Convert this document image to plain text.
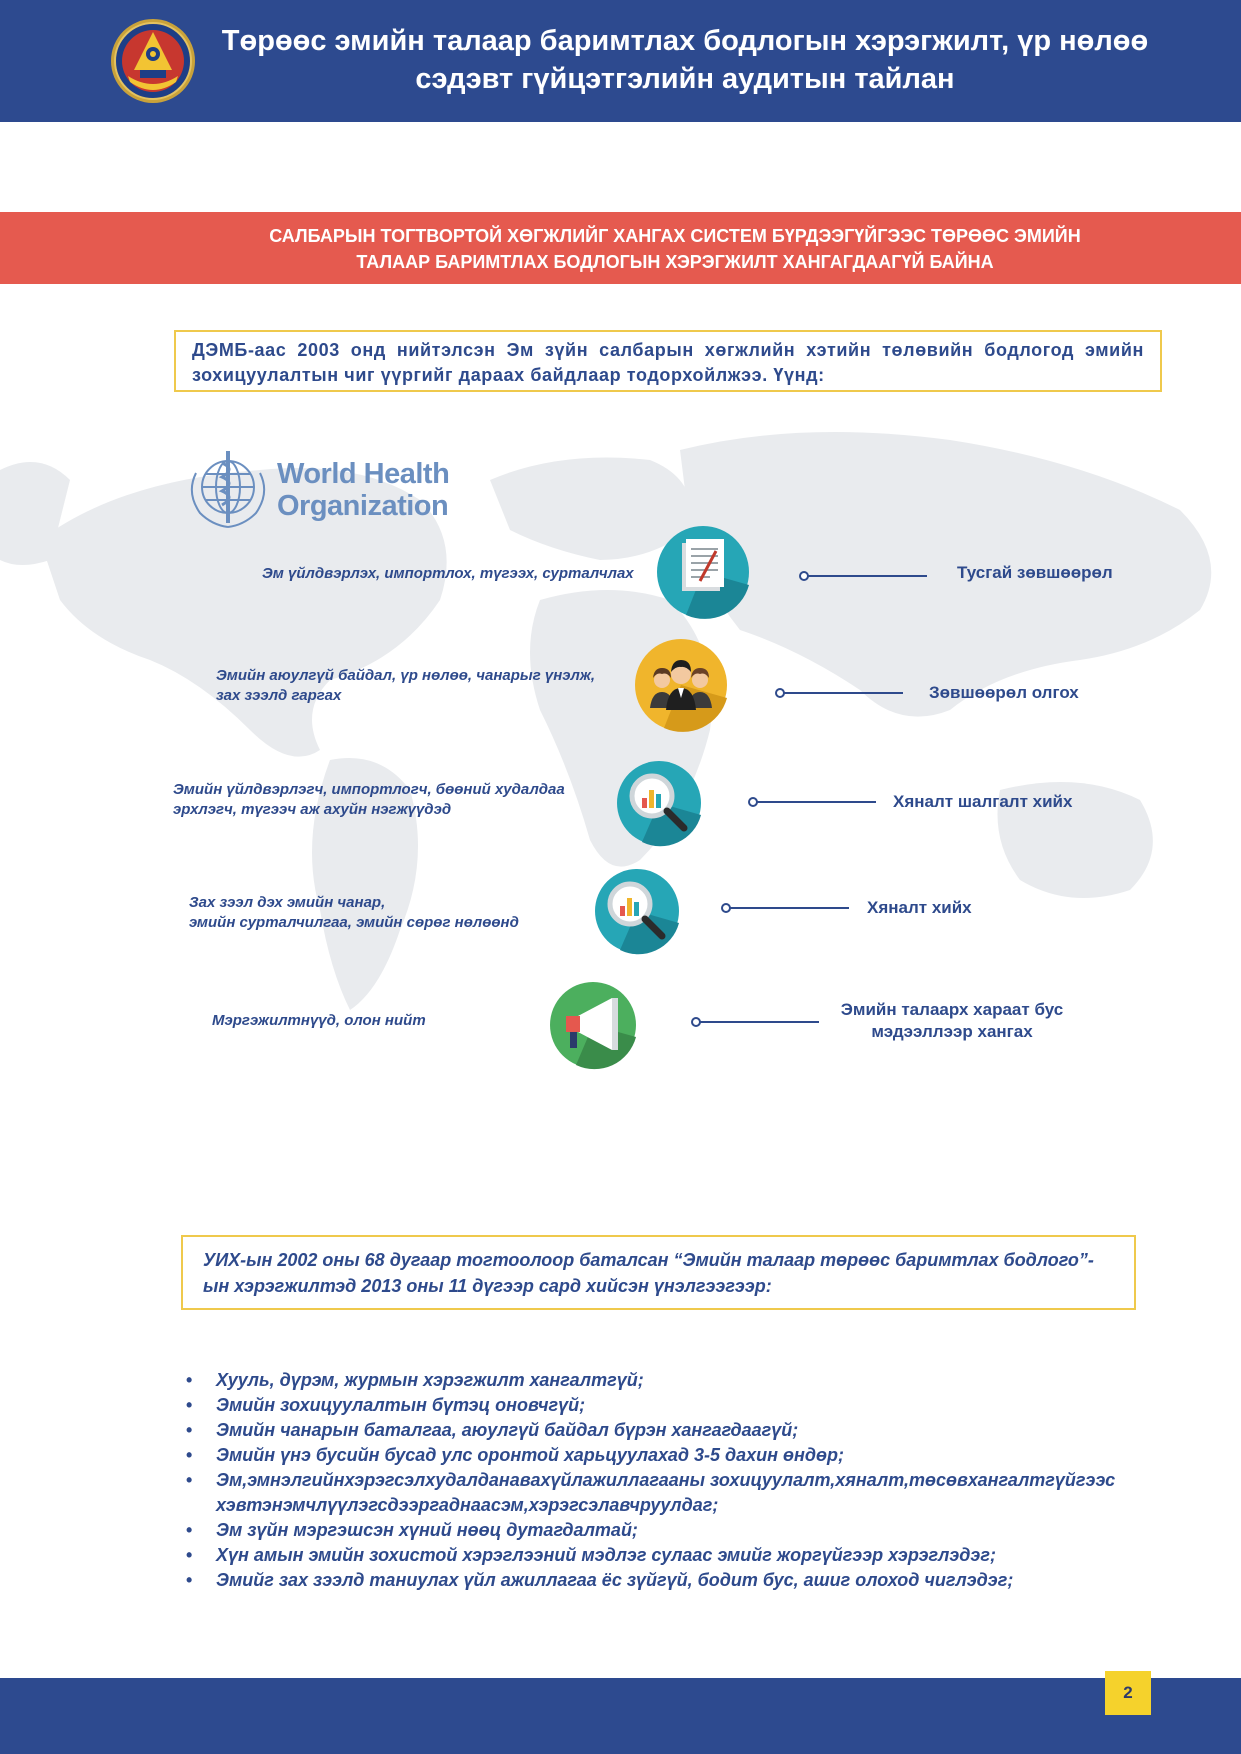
Төрөөс эмийн талаар баримтлах бодлогын хэрэгжилт, үр нөлөө
сэдэвт гүйцэтгэлийн аудитын тайлан
САЛБАРЫН ТОГТВОРТОЙ ХӨГЖЛИЙГ ХАНГАХ СИСТЕМ БҮРДЭЭГҮЙГЭЭС ТӨРӨӨС ЭМИЙН
ТАЛААР БАРИМТЛАХ БОДЛОГЫН ХЭРЭГЖИЛТ ХАНГАГДААГҮЙ БАЙНА
ДЭМБ-аас 2003 онд нийтэлсэн Эм зүйн салбарын хөгжлийн хэтийн төлөвийн бодлогод эмийн зохицуулалтын чиг үүргийг дараах байдлаар тодорхойлжээ. Үүнд:
World Health
Organization
Эм үйлдвэрлэх, импортлох, түгээх, сурталчлах	Тусгай зөвшөөрөл
Эмийн аюулгүй байдал, үр нөлөө, чанарыг үнэлж,
зах зээлд гаргах	Зөвшөөрөл олгох
Эмийн үйлдвэрлэгч, импортлогч, бөөний худалдаа
эрхлэгч, түгээч аж ахуйн нэгжүүдэд	Хяналт шалгалт хийх
Зах зээл дэх эмийн чанар,
эмийн сурталчилгаа, эмийн сөрөг нөлөөнд
Хяналт хийх
Мэргэжилтнүүд, олон нийт
Эмийн талаарх хараат бус
мэдээллээр хангах
УИХ-ын 2002 оны 68 дугаар тогтоолоор баталсан “Эмийн талаар төрөөс баримтлах бодлого”-ын хэрэгжилтэд 2013 оны 11 дүгээр сард хийсэн үнэлгээгээр:
• Хууль, дүрэм, журмын хэрэгжилт хангалтгүй;
• Эмийн зохицуулалтын бүтэц оновчгүй;
• Эмийн чанарын баталгаа, аюулгүй байдал бүрэн хангагдаагүй;
• Эмийн үнэ бусийн бусад улс оронтой харьцуулахад 3-5 дахин өндөр;
• Эм,эмнэлгийнхэрэгсэлхудалданавахүйлажиллагааны зохицуулалт,хяналт,төсөвхангалтгүйгээс хэвтэнэмчлүүлэгсдээргаднаасэм,хэрэгсэлавчруулдаг;
• Эм зүйн мэргэшсэн хүний нөөц дутагдалтай;
• Хүн амын эмийн зохистой хэрэглээний мэдлэг сулаас эмийг жоргүйгээр хэрэглэдэг;
• Эмийг зах зээлд таниулах үйл ажиллагаа ёс зүйгүй, бодит бус, ашиг олоход чиглэдэг;
2
